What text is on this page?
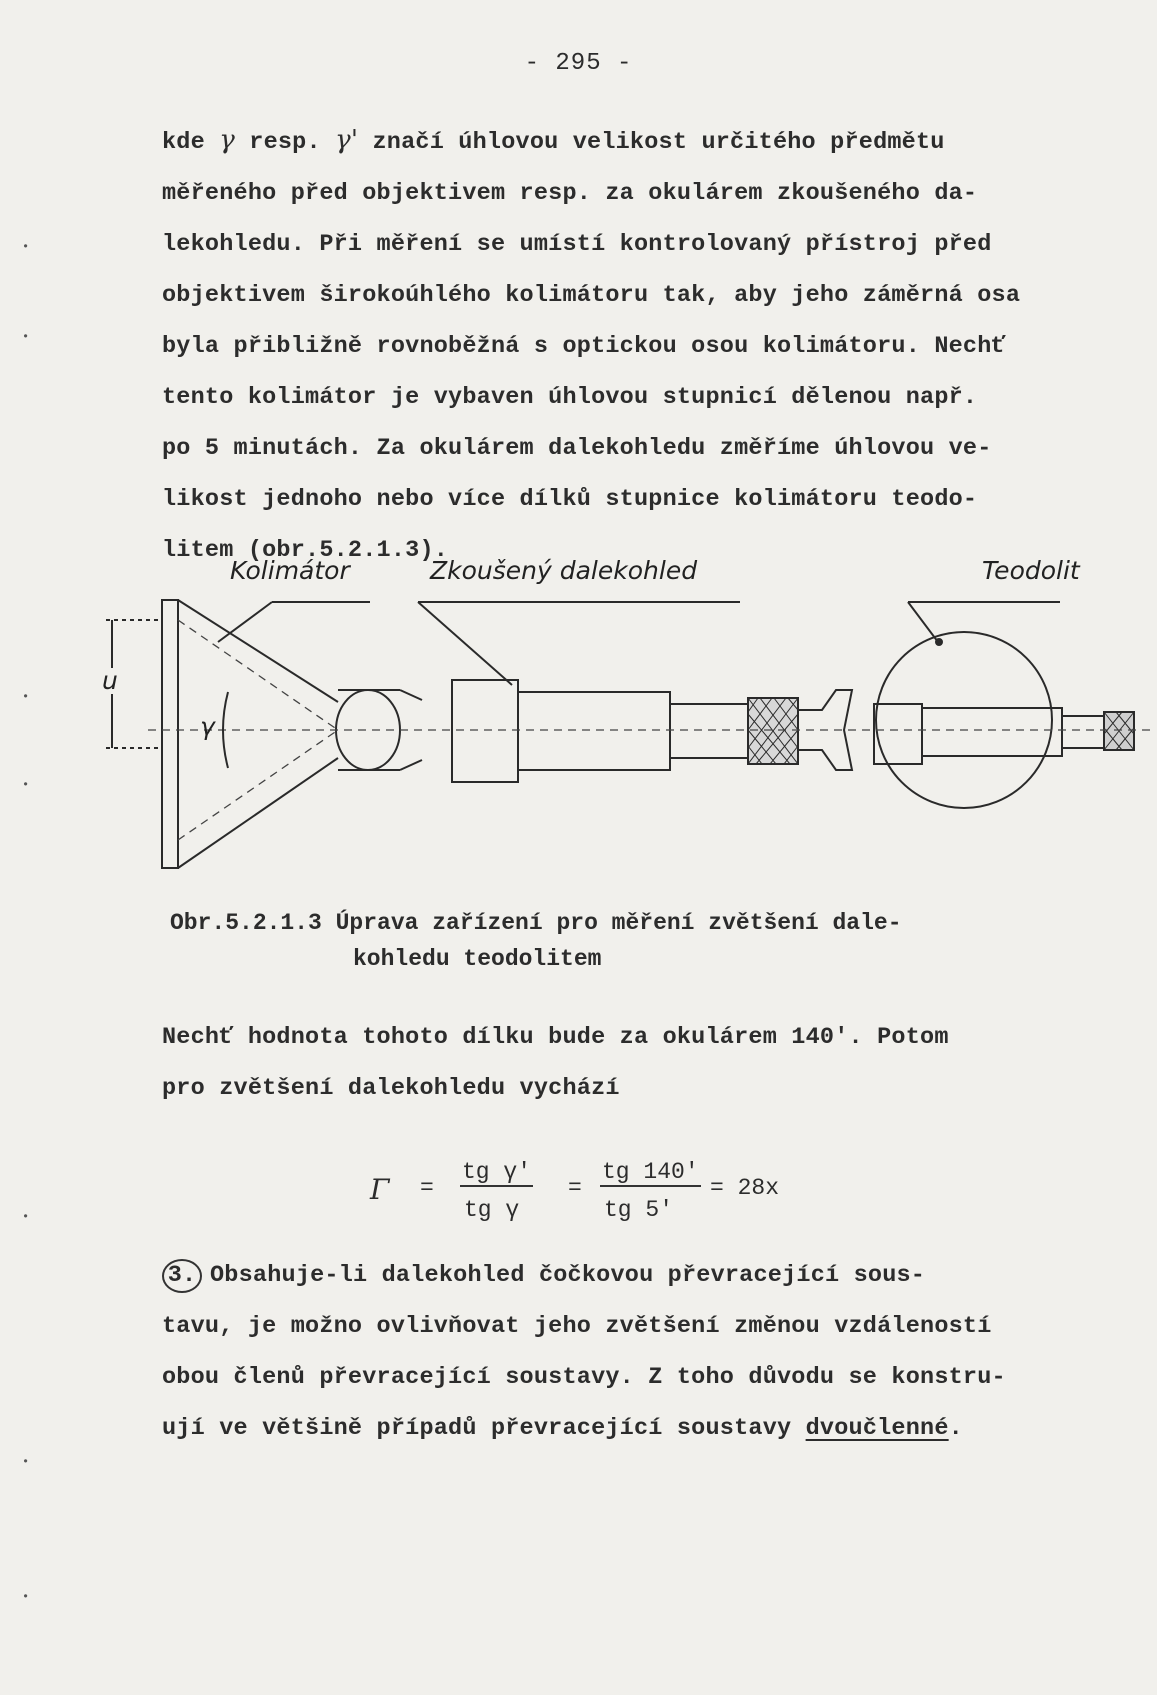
- 295 -
kde γ resp. γ' značí úhlovou velikost určitého předmětu
měřeného před objektivem resp. za okulárem zkoušeného da-
lekohledu. Při měření se umístí kontrolovaný přístroj před
objektivem širokoúhlého kolimátoru tak, aby jeho záměrná osa
byla přibližně rovnoběžná s optickou osou kolimátoru. Nechť
tento kolimátor je vybaven úhlovou stupnicí dělenou např.
po 5 minutách. Za okulárem dalekohledu změříme úhlovou ve-
likost jednoho nebo více dílků stupnice kolimátoru teodo-
litem (obr.5.2.1.3).
Kolimátor	Zkoušený dalekohled	Teodolit
γ
u
Obr.5.2.1.3 Úprava zařízení pro měření zvětšení dale-
kohledu teodolitem
Nechť hodnota tohoto dílku bude za okulárem 140'. Potom
pro zvětšení dalekohledu vychází
Γ =
tg γ'
tg γ
=
tg 140'
tg 5'
= 28x
3. Obsahuje-li dalekohled čočkovou převracející sous-
tavu, je možno ovlivňovat jeho zvětšení změnou vzdáleností
obou členů převracející soustavy. Z toho důvodu se konstru-
ují ve většině případů převracející soustavy dvoučlenné.
•
•
•
•
•
•
•
